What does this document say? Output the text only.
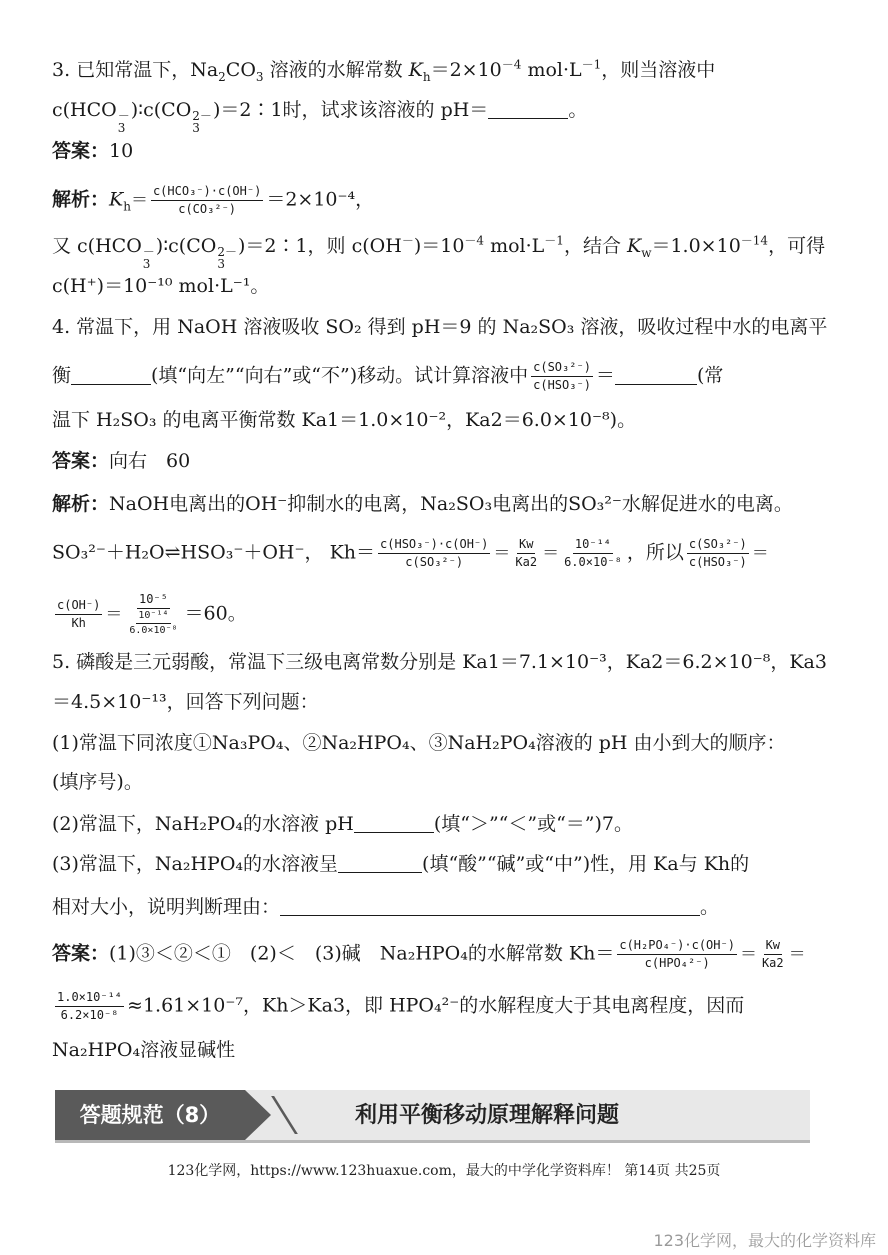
3. 已知常温下，$Na_2CO_3$ 溶液的水解常数 $K_h=2\times 10^{-4}$ $mol\cdot L^{-1}$，则当溶液中
c(HCO －
3
)∶c(CO 2－
3
)＝2∶1时，试求该溶液的 pH＝	。
答案：10
解析：$K_h= \frac{\text{c(HCO₃⁻)·c(OH⁻)}}{\text{c(CO₃²⁻)}} =2\times 10^{-4}$，
又 c(HCO －
3
)∶c(CO 2－
3
)＝2∶1，则 $c(OH^-)=10^{-4}$ $mol\cdot L^{-1}$，结合 $K_w=1.0\times 10^{-14}$，可得
c(H⁺)＝10⁻¹⁰ mol·L⁻¹。
4. 常温下，用 NaOH 溶液吸收 SO₂ 得到 pH＝9 的 Na₂SO₃ 溶液，吸收过程中水的电离平
衡	(填“向左”“向右”或“不”)移动。试计算溶液中 $\frac{\text{c(SO₃²⁻)}}{\text{c(HSO₃⁻)}}$ ＝	(常
温下 H₂SO₃ 的电离平衡常数 Ka1＝1.0×10⁻²，Ka2＝6.0×10⁻⁸)。
答案：向右　60
解析：NaOH电离出的OH⁻抑制水的电离，Na₂SO₃电离出的SO₃²⁻水解促进水的电离。
SO₃²⁻＋H₂O⇌HSO₃⁻＋OH⁻， $Kh= \frac{\text{c(HSO₃⁻)·c(OH⁻)}}{\text{c(SO₃²⁻)}} = \frac{Kw}{Ka2} = \frac{\text{10⁻¹⁴}}{\text{6.0×10⁻⁸}}$ ，所以 $\frac{\text{c(SO₃²⁻)}}{\text{c(HSO₃⁻)}}$ ＝
$\frac{c(OH^-)}{Kh} = \frac{\text{10⁻⁵}}{\frac{\text{10⁻¹⁴}}{\text{6.0×10⁻⁸}}} =60$。
5. 磷酸是三元弱酸，常温下三级电离常数分别是 Ka1＝7.1×10⁻³，Ka2＝6.2×10⁻⁸，Ka3
＝4.5×10⁻¹³，回答下列问题：
(1)常温下同浓度①Na₃PO₄、②Na₂HPO₄、③NaH₂PO₄溶液的 pH 由小到大的顺序：
(填序号)。
(2)常温下，NaH₂PO₄的水溶液 pH	(填“＞”“＜”或“＝”)7。
(3)常温下，Na₂HPO₄的水溶液呈	(填“酸”“碱”或“中”)性，用 Ka与 Kh的
相对大小，说明判断理由：	。
答案：(1)③＜②＜①　(2)＜　(3)碱　Na₂HPO₄的水解常数 $Kh= \frac{\text{c(H₂PO₄⁻)·c(OH⁻)}}{\text{c(HPO₄²⁻)}} = \frac{Kw}{Ka2}$ ＝
$\frac{\text{1.0×10⁻¹⁴}}{\text{6.2×10⁻⁸}} \approx 1.61\times 10^{-7}$，Kh＞Ka3，即 HPO₄²⁻的水解程度大于其电离程度，因而
Na₂HPO₄溶液显碱性
答题规范（8）	利用平衡移动原理解释问题
123化学网，https://www.123huaxue.com，最大的中学化学资料库！ 第14页 共25页
123化学网，最大的化学资料库
